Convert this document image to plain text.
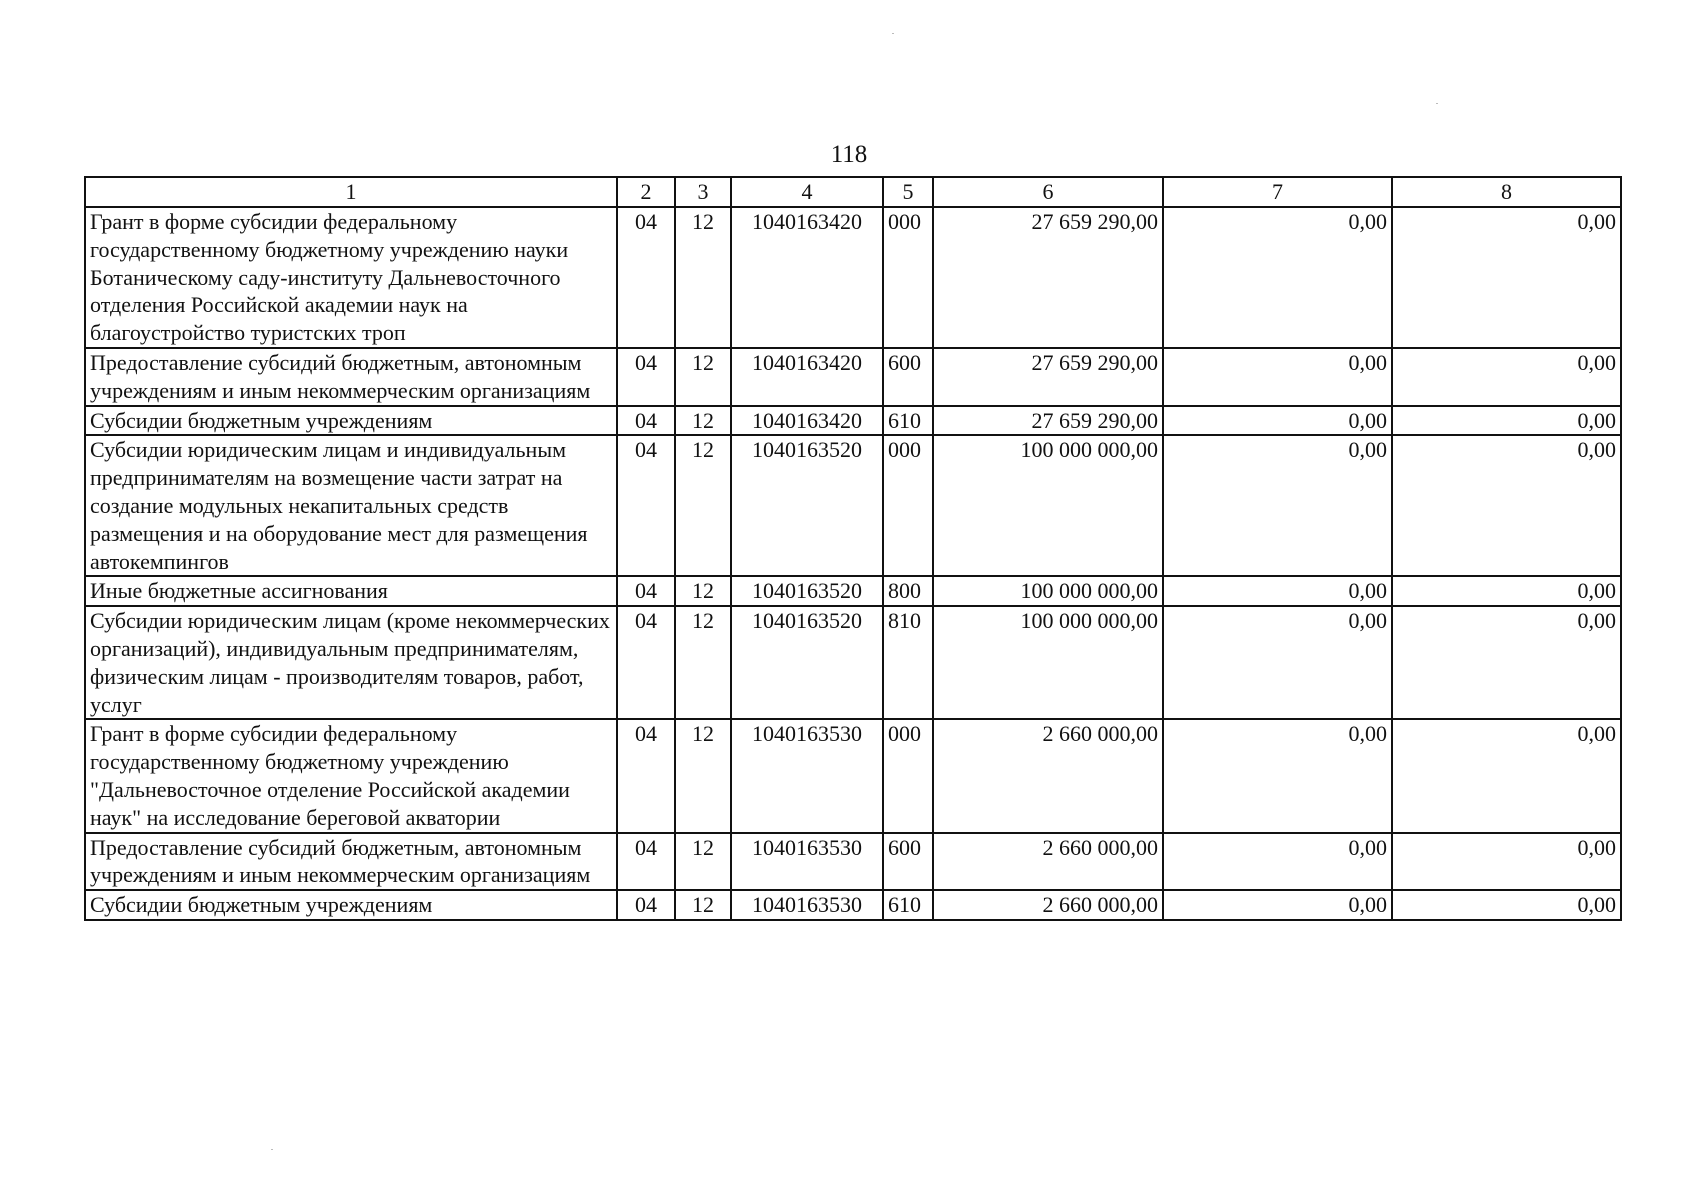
118
1	2	3	4	5	6	7	8
Грант в форме субсидии федеральному государственному бюджетному учреждению науки Ботаническому саду-институту Дальневосточного отделения Российской академии наук на благоустройство туристских троп	04	12	1040163420	000	27 659 290,00	0,00	0,00
Предоставление субсидий бюджетным, автономным учреждениям и иным некоммерческим организациям	04	12	1040163420	600	27 659 290,00	0,00	0,00
Субсидии бюджетным учреждениям	04	12	1040163420	610	27 659 290,00	0,00	0,00
Субсидии юридическим лицам и индивидуальным предпринимателям на возмещение части затрат на создание модульных некапитальных средств размещения и на оборудование мест для размещения автокемпингов	04	12	1040163520	000	100 000 000,00	0,00	0,00
Иные бюджетные ассигнования	04	12	1040163520	800	100 000 000,00	0,00	0,00
Субсидии юридическим лицам (кроме некоммерческих организаций), индивидуальным предпринимателям, физическим лицам - производителям товаров, работ, услуг	04	12	1040163520	810	100 000 000,00	0,00	0,00
Грант в форме субсидии федеральному государственному бюджетному учреждению "Дальневосточное отделение Российской академии наук" на исследование береговой акватории	04	12	1040163530	000	2 660 000,00	0,00	0,00
Предоставление субсидий бюджетным, автономным учреждениям и иным некоммерческим организациям	04	12	1040163530	600	2 660 000,00	0,00	0,00
Субсидии бюджетным учреждениям	04	12	1040163530	610	2 660 000,00	0,00	0,00
